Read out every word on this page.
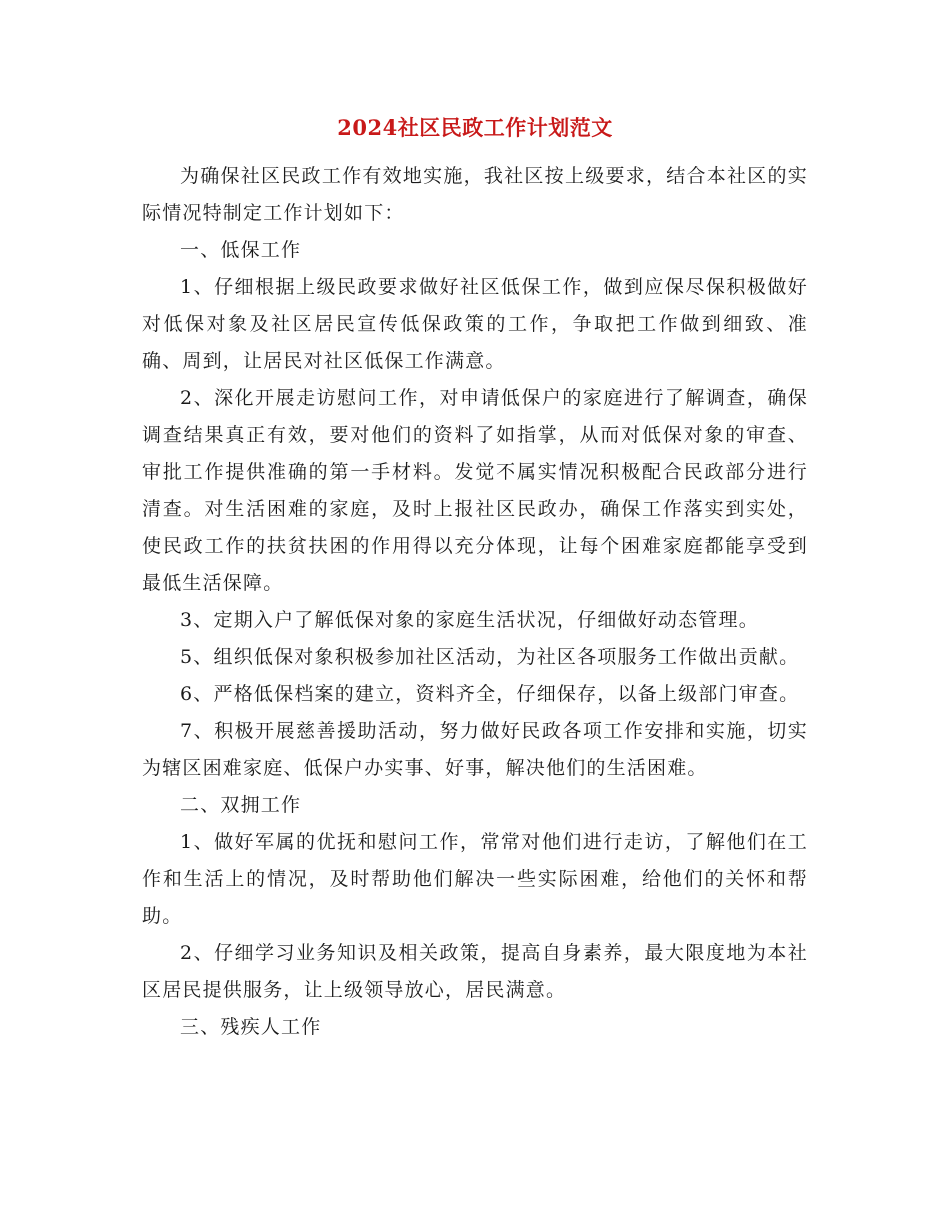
2024社区民政工作计划范文

为确保社区民政工作有效地实施，我社区按上级要求，结合本社区的实际情况特制定工作计划如下：

一、低保工作

1、仔细根据上级民政要求做好社区低保工作，做到应保尽保积极做好对低保对象及社区居民宣传低保政策的工作，争取把工作做到细致、准确、周到，让居民对社区低保工作满意。

2、深化开展走访慰问工作，对申请低保户的家庭进行了解调查，确保调查结果真正有效，要对他们的资料了如指掌，从而对低保对象的审查、审批工作提供准确的第一手材料。发觉不属实情况积极配合民政部分进行清查。对生活困难的家庭，及时上报社区民政办，确保工作落实到实处，使民政工作的扶贫扶困的作用得以充分体现，让每个困难家庭都能享受到最低生活保障。

3、定期入户了解低保对象的家庭生活状况，仔细做好动态管理。

5、组织低保对象积极参加社区活动，为社区各项服务工作做出贡献。

6、严格低保档案的建立，资料齐全，仔细保存，以备上级部门审查。

7、积极开展慈善援助活动，努力做好民政各项工作安排和实施，切实为辖区困难家庭、低保户办实事、好事，解决他们的生活困难。

二、双拥工作

1、做好军属的优抚和慰问工作，常常对他们进行走访，了解他们在工作和生活上的情况，及时帮助他们解决一些实际困难，给他们的关怀和帮助。

2、仔细学习业务知识及相关政策，提高自身素养，最大限度地为本社区居民提供服务，让上级领导放心，居民满意。

三、残疾人工作
